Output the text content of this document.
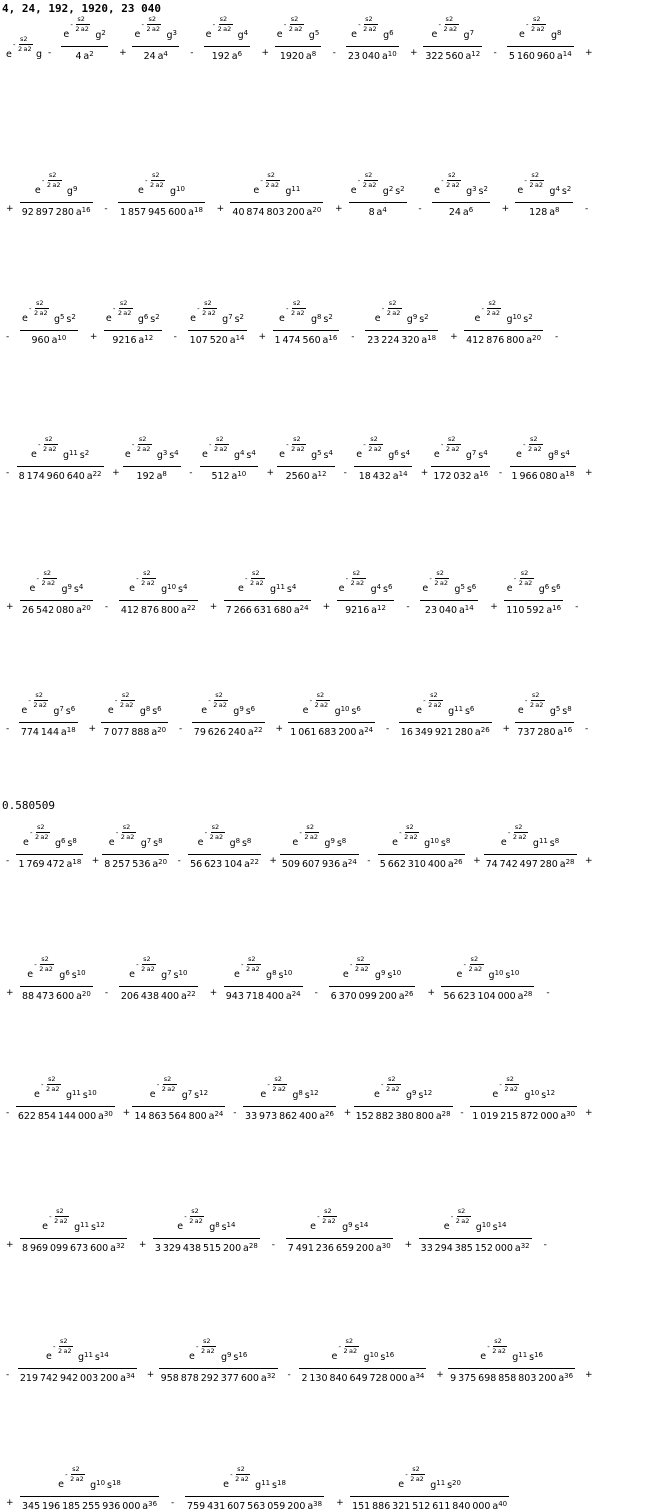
4, 24, 192, 1920, 23 040
e
-
s2
2 a2 g -
e
-
s2
2 a2
$g^2$
4  $a^2$	+
e
-
s2
2 a2
$g^3$
24  $a^4$ -
e
-
s2
2 a2
$g^4$
192  $a^6$ +
e
-
s2
2 a2
$g^5$
1920  $a^8$ -
e
-
s2
2 a2
$g^6$
23  040  $a^{10}$ +
e
-
s2
2 a2
$g^7$
322  560  $a^{12}$ -
e
-
s2
2 a2
$g^8$
5  160  960  $a^{14}$ +
+
e
-
s2
2 a2
$g^9$
92  897  280  $a^{16}$ -
e
-
s2
2 a2
$g^{10}$
1  857  945  600  $a^{18}$ +
e
-
s2
2 a2
$g^{11}$
40  874  803  200  $a^{20}$ +
e
-
s2
2 a2
$g^2$  $s^2$
8  $a^4$	-
e
-
s2
2 a2
$g^3$  $s^2$
24  $a^6$	+
e
-
s2
2 a2
$g^4$  $s^2$
128  $a^8$	-
-
e
-
s2
2 a2
$g^5$  $s^2$
960  $a^{10}$	+
e
-
s2
2 a2
$g^6$  $s^2$
9216  $a^{12}$ -
e
-
s2
2 a2
$g^7$  $s^2$
107  520  $a^{14}$ +
e
-
s2
2 a2
$g^8$  $s^2$
1  474  560  $a^{16}$ -
e
-
s2
2 a2
$g^9$  $s^2$
23  224  320  $a^{18}$ +
e
-
s2
2 a2
$g^{10}$  $s^2$
412  876  800  $a^{20}$ -
-
e
-
s2
2 a2
$g^{11}$  $s^2$
8  174  960  640  $a^{22}$ +
e
-
s2
2 a2
$g^3$  $s^4$
192  $a^8$ -
e
-
s2
2 a2
$g^4$  $s^4$
512  $a^{10}$ +
e
-
s2
2 a2
$g^5$  $s^4$
2560  $a^{12}$ -
e
-
s2
2 a2
$g^6$  $s^4$
18  432  $a^{14}$ +
e
-
s2
2 a2
$g^7$  $s^4$
172  032  $a^{16}$ -
e
-
s2
2 a2
$g^8$  $s^4$
1  966  080  $a^{18}$ +
+
e
-
s2
2 a2
$g^9$  $s^4$
26  542  080  $a^{20}$ -
e
-
s2
2 a2
$g^{10}$  $s^4$
412  876  800  $a^{22}$ +
e
-
s2
2 a2
$g^{11}$  $s^4$
7  266  631  680  $a^{24}$ +
e
-
s2
2 a2
$g^4$  $s^6$
9216  $a^{12}$ -
e
-
s2
2 a2
$g^5$  $s^6$
23  040  $a^{14}$ +
e
-
s2
2 a2
$g^6$  $s^6$
110  592  $a^{16}$ -
-
e
-
s2
2 a2
$g^7$  $s^6$
774  144  $a^{18}$ +
e
-
s2
2 a2
$g^8$  $s^6$
7  077  888  $a^{20}$ -
e
-
s2
2 a2
$g^9$  $s^6$
79  626  240  $a^{22}$ +
e
-
s2
2 a2
$g^{10}$  $s^6$
1  061  683  200  $a^{24}$ -
e
-
s2
2 a2
$g^{11}$  $s^6$
16  349  921  280  $a^{26}$ +
e
-
s2
2 a2
$g^5$  $s^8$
737  280  $a^{16}$ -
-
e
-
s2
2 a2
$g^6$  $s^8$
1  769  472  $a^{18}$ +
e
-
s2
2 a2
$g^7$  $s^8$
8  257  536  $a^{20}$ -
e
-
s2
2 a2
$g^8$  $s^8$
56  623  104  $a^{22}$ +
e
-
s2
2 a2
$g^9$  $s^8$
509  607  936  $a^{24}$ -
e
-
s2
2 a2
$g^{10}$  $s^8$
5  662  310  400  $a^{26}$ +
e
-
s2
2 a2
$g^{11}$  $s^8$
74  742  497  280  $a^{28}$ +
+
e
-
s2
2 a2
$g^6$  $s^{10}$
88  473  600  $a^{20}$ -
e
-
s2
2 a2
$g^7$  $s^{10}$
206  438  400  $a^{22}$ +
e
-
s2
2 a2
$g^8$  $s^{10}$
943  718  400  $a^{24}$ -
e
-
s2
2 a2
$g^9$  $s^{10}$
6  370  099  200  $a^{26}$ +
e
-
s2
2 a2
$g^{10}$  $s^{10}$
56  623  104  000  $a^{28}$ -
-
e
-
s2
2 a2
$g^{11}$  $s^{10}$
622  854  144  000  $a^{30}$ +
e
-
s2
2 a2
$g^7$  $s^{12}$
14  863  564  800  $a^{24}$ -
e
-
s2
2 a2
$g^8$  $s^{12}$
33  973  862  400  $a^{26}$ +
e
-
s2
2 a2
$g^9$  $s^{12}$
152  882  380  800  $a^{28}$ -
e
-
s2
2 a2
$g^{10}$  $s^{12}$
1  019  215  872  000  $a^{30}$ +
+
e
-
s2
2 a2
$g^{11}$  $s^{12}$
8  969  099  673  600  $a^{32}$ +
e
-
s2
2 a2
$g^8$  $s^{14}$
3  329  438  515  200  $a^{28}$ -
e
-
s2
2 a2
$g^9$  $s^{14}$
7  491  236  659  200  $a^{30}$ +
e
-
s2
2 a2
$g^{10}$  $s^{14}$
33  294  385  152  000  $a^{32}$ -
-
e
-
s2
2 a2
$g^{11}$  $s^{14}$
219  742  942  003  200  $a^{34}$ +
e
-
s2
2 a2
$g^9$  $s^{16}$
958  878  292  377  600  $a^{32}$ -
e
-
s2
2 a2
$g^{10}$  $s^{16}$
2  130  840  649  728  000  $a^{34}$ +
e
-
s2
2 a2
$g^{11}$  $s^{16}$
9  375  698  858  803  200  $a^{36}$ +
+
e
-
s2
2 a2
$g^{10}$  $s^{18}$
345  196  185  255  936  000  $a^{36}$ -
e
-
s2
2 a2
$g^{11}$  $s^{18}$
759  431  607  563  059  200  $a^{38}$ +
e
-
s2
2 a2
$g^{11}$  $s^{20}$
151  886  321  512  611  840  000  $a^{40}$
0.580509
